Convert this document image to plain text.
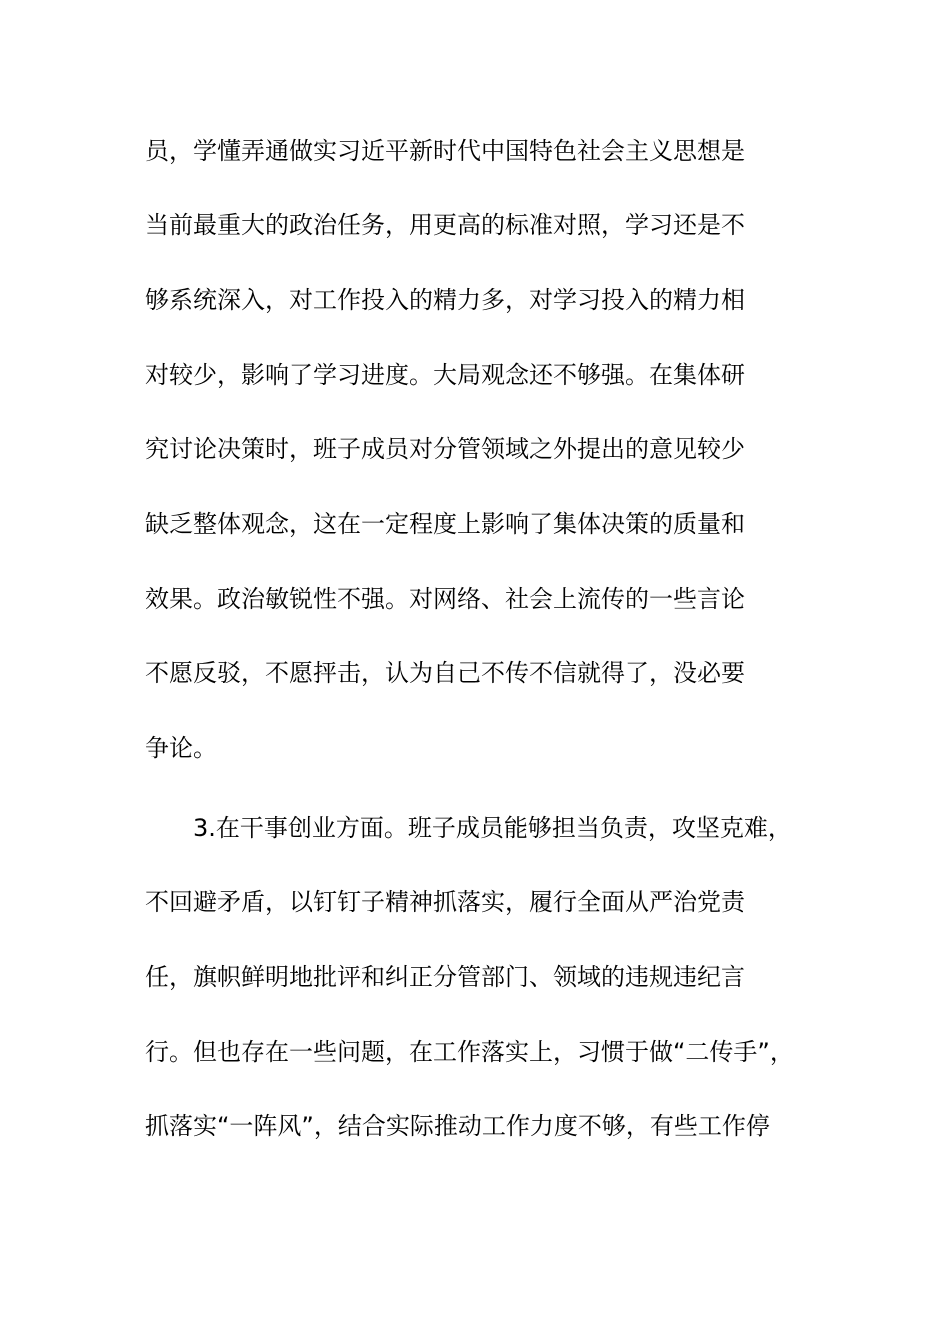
员，学懂弄通做实习近平新时代中国特色社会主义思想是
当前最重大的政治任务，用更高的标准对照，学习还是不
够系统深入，对工作投入的精力多，对学习投入的精力相
对较少，影响了学习进度。大局观念还不够强。在集体研
究讨论决策时，班子成员对分管领域之外提出的意见较少
缺乏整体观念，这在一定程度上影响了集体决策的质量和
效果。政治敏锐性不强。对网络、社会上流传的一些言论
不愿反驳，不愿抨击，认为自己不传不信就得了，没必要
争论。
3.在干事创业方面。班子成员能够担当负责，攻坚克难，
不回避矛盾，以钉钉子精神抓落实，履行全面从严治党责
任，旗帜鲜明地批评和纠正分管部门、领域的违规违纪言
行。但也存在一些问题，在工作落实上，习惯于做“二传手”，
抓落实“一阵风”，结合实际推动工作力度不够，有些工作停
